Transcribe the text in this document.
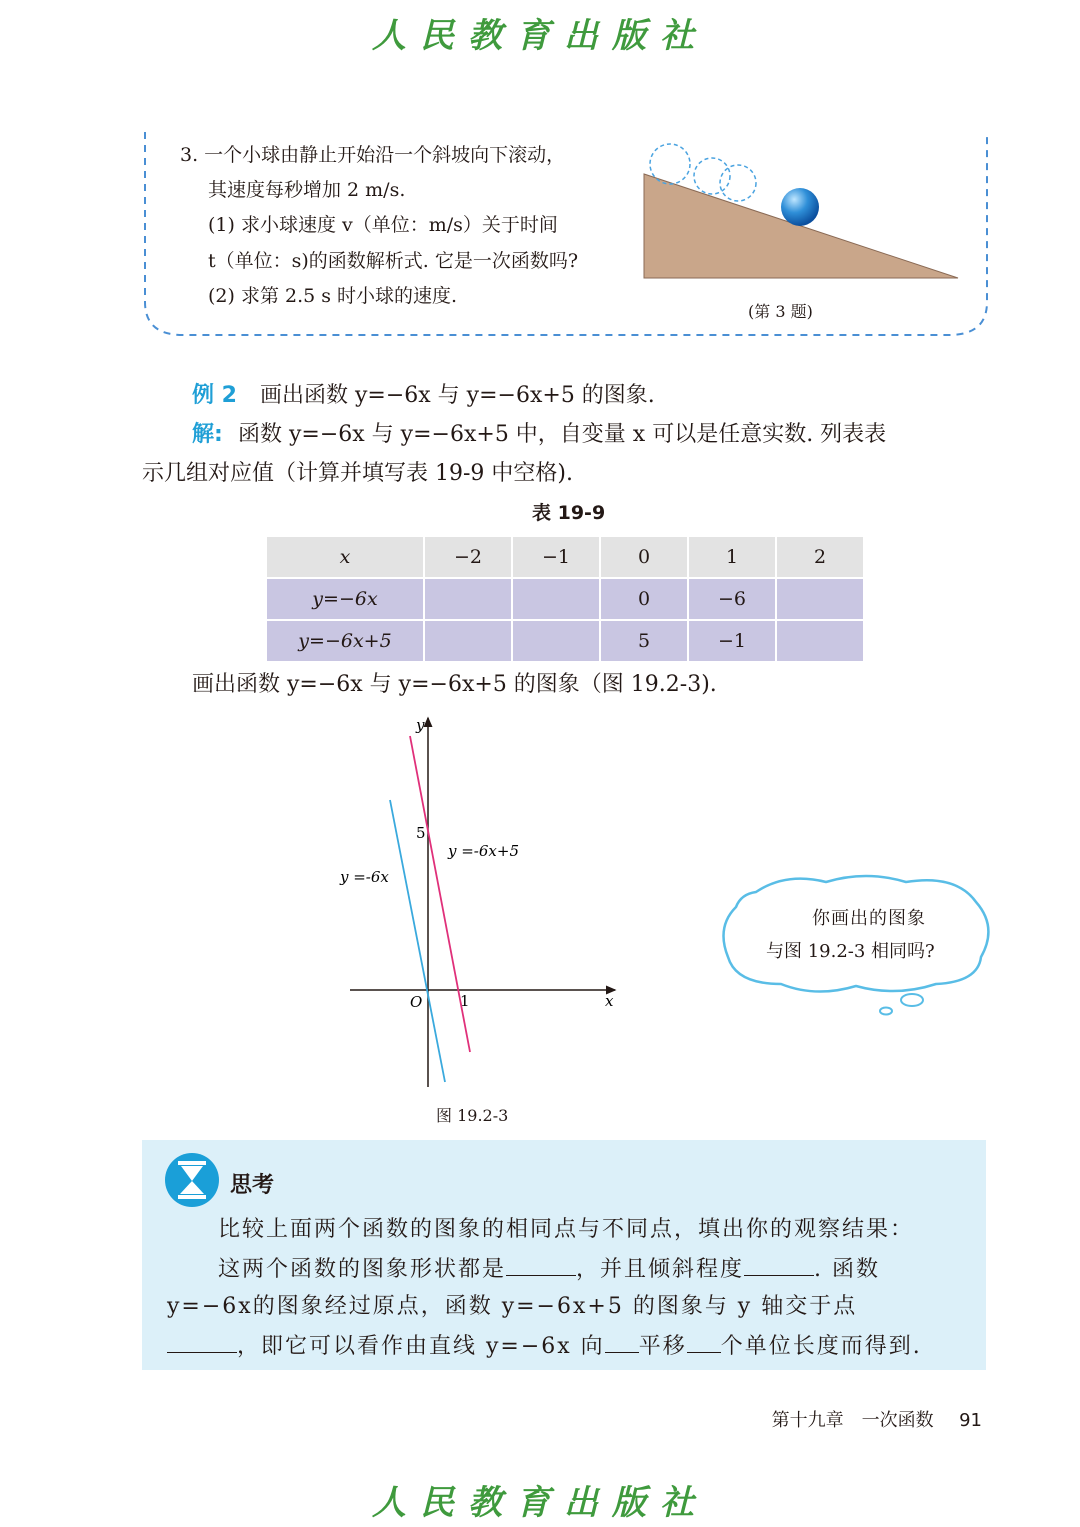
人民教育出版社
3. 一个小球由静止开始沿一个斜坡向下滚动，
其速度每秒增加 2 m/s.
(1) 求小球速度 v（单位：m/s）关于时间
t（单位：s)的函数解析式. 它是一次函数吗?
(2) 求第 2.5 s 时小球的速度.
(第 3 题)
例 2 画出函数 y=−6x 与 y=−6x+5 的图象.
解: 函数 y=−6x 与 y=−6x+5 中，自变量 x 可以是任意实数. 列表表
示几组对应值（计算并填写表 19-9 中空格).
表 19-9
x	−2	−1	0	1	2
y=−6x			0	−6	
y=−6x+5			5	−1	
画出函数 y=−6x 与 y=−6x+5 的图象（图 19.2-3).
y
x
O	1
5
y =-6x
y =-6x+5
图 19.2-3
你画出的图象
与图 19.2-3 相同吗?
思考
比较上面两个函数的图象的相同点与不同点，填出你的观察结果：
这两个函数的图象形状都是	，并且倾斜程度	. 函数
y=−6x的图象经过原点，函数 y=−6x+5 的图象与 y 轴交于点
，即它可以看作由直线 y=−6x 向 平移 个单位长度而得到.
第十九章　一次函数 91
人民教育出版社
